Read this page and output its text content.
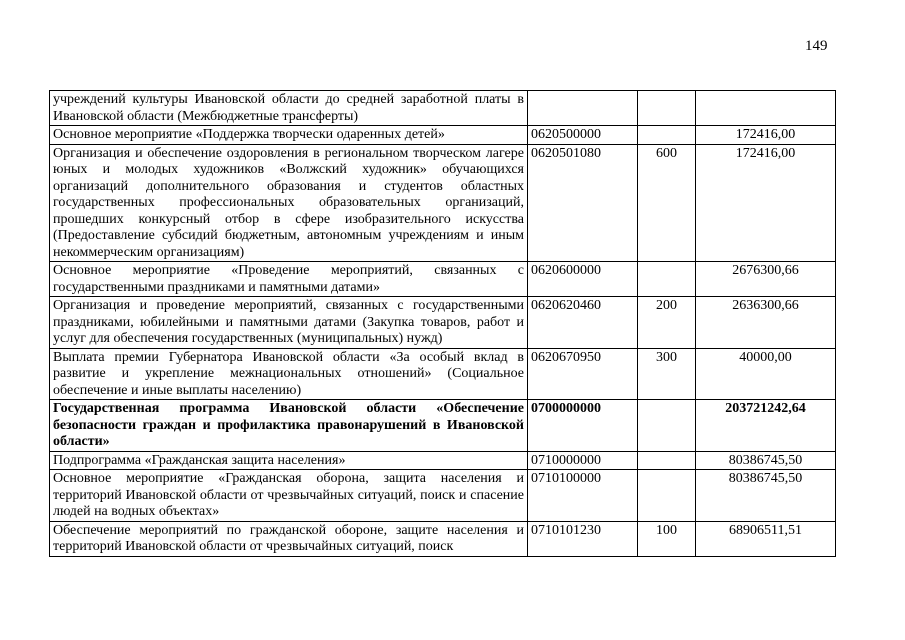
149
учреждений культуры Ивановской области до средней заработной платы в Ивановской области (Межбюджетные трансферты)			
Основное мероприятие «Поддержка творчески одаренных детей»	0620500000		172416,00
Организация и обеспечение оздоровления в региональном творческом лагере юных и молодых художников «Волжский художник» обучающихся организаций дополнительного образования и студентов областных государственных профессиональных образовательных организаций, прошедших конкурсный отбор в сфере изобразительного искусства (Предоставление субсидий бюджетным, автономным учреждениям и иным некоммерческим организациям)	0620501080	600	172416,00
Основное мероприятие «Проведение мероприятий, связанных с государственными праздниками и памятными датами»	0620600000		2676300,66
Организация и проведение мероприятий, связанных с государственными праздниками, юбилейными и памятными датами (Закупка товаров, работ и услуг для обеспечения государственных (муниципальных) нужд)	0620620460	200	2636300,66
Выплата премии Губернатора Ивановской области «За особый вклад в развитие и укрепление межнациональных отношений» (Социальное обеспечение и иные выплаты населению)	0620670950	300	40000,00
Государственная программа Ивановской области «Обеспечение безопасности граждан и профилактика правонарушений в Ивановской области»	0700000000		203721242,64
Подпрограмма «Гражданская защита населения»	0710000000		80386745,50
Основное мероприятие «Гражданская оборона, защита населения и территорий Ивановской области от чрезвычайных ситуаций, поиск и спасение людей на водных объектах»	0710100000		80386745,50
Обеспечение мероприятий по гражданской обороне, защите населения и территорий Ивановской области от чрезвычайных ситуаций, поиск	0710101230	100	68906511,51
